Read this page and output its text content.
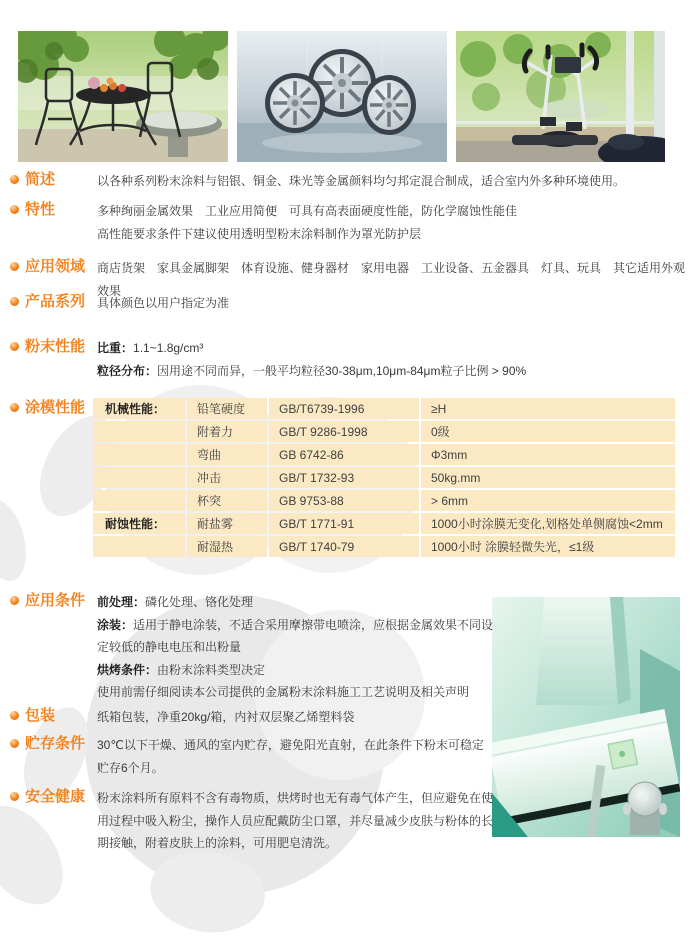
简述	以各种系列粉末涂料与铝银、铜金、珠光等金属颜料均匀邦定混合制成，适合室内外多种环境使用。
特性	多种绚丽金属效果　工业应用简便　可具有高表面硬度性能，防化学腐蚀性能佳
高性能要求条件下建议使用透明型粉末涂料制作为罩光防护层
应用领域 商店货架　家具金属脚架　体育设施、健身器材　家用电器　工业设备、五金器具　灯具、玩具　其它适用外观效果
产品系列 具体颜色以用户指定为准
粉末性能 比重：1.1~1.8g/cm³
粒径分布：因用途不同而异，一般平均粒径30-38μm,10μm-84μm粒子比例 > 90%
涂模性能	机械性能：	铅笔硬度	GB/T6739-1996	≥H
附着力	GB/T 9286-1998	0级
弯曲	GB 6742-86	Φ3mm
冲击	GB/T 1732-93	50kg.mm
杯突	GB 9753-88	> 6mm
耐蚀性能：	耐盐雾	GB/T 1771-91	1000小时涂膜无变化,划格处单侧腐蚀<2mm
耐湿热	GB/T 1740-79	1000小时 涂膜轻微失光，≤1级
应用条件 前处理：磷化处理、铬化处理
涂装：适用于静电涂装，不适合采用摩擦带电喷涂，应根据金属效果不同设定较低的静电电压和出粉量
烘烤条件：由粉末涂料类型决定
使用前需仔细阅读本公司提供的金属粉末涂料施工工艺说明及相关声明
包装	纸箱包装，净重20kg/箱，内衬双层聚乙烯塑料袋
贮存条件 30℃以下干燥、通风的室内贮存，避免阳光直射，在此条件下粉末可稳定贮存6个月。
安全健康 粉末涂料所有原料不含有毒物质，烘烤时也无有毒气体产生，但应避免在使用过程中吸入粉尘，操作人员应配戴防尘口罩，并尽量减少皮肤与粉体的长期接触，附着皮肤上的涂料，可用肥皂清洗。
